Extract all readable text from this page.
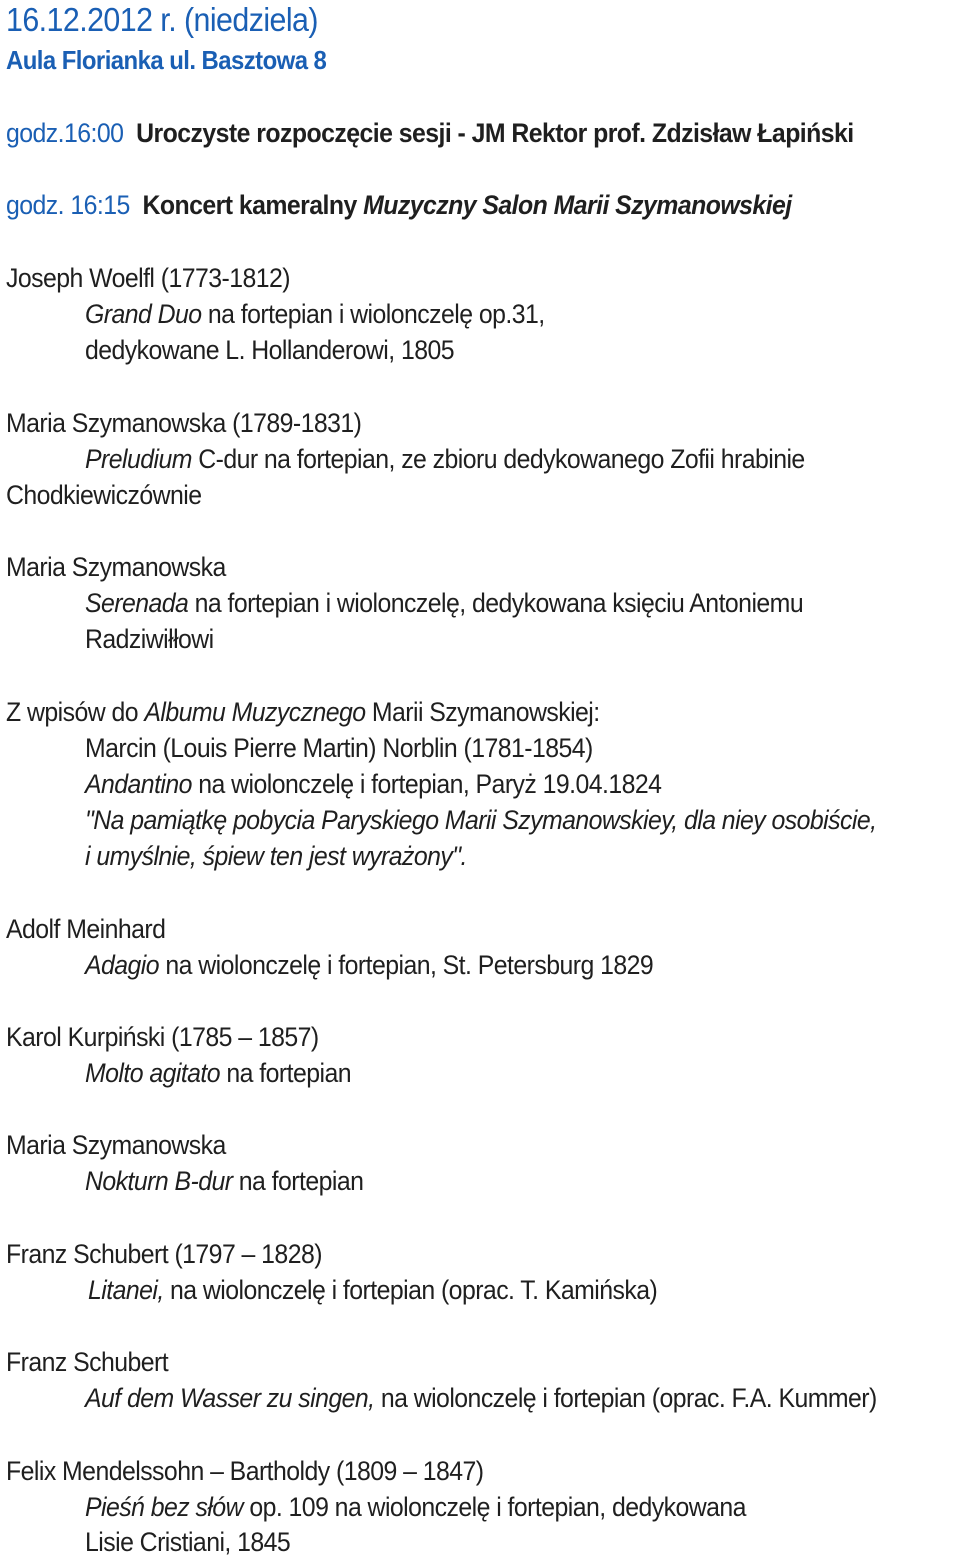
16.12.2012 r. (niedziela)
Aula Florianka ul. Basztowa 8
godz.16:00 Uroczyste rozpoczęcie sesji - JM Rektor prof. Zdzisław Łapiński
godz. 16:15 Koncert kameralny Muzyczny Salon Marii Szymanowskiej
Joseph Woelfl (1773-1812)
Grand Duo na fortepian i wiolonczelę op.31,
dedykowane L. Hollanderowi, 1805
Maria Szymanowska (1789-1831)
Preludium C-dur na fortepian, ze zbioru dedykowanego Zofii hrabinie
Chodkiewiczównie
Maria Szymanowska
Serenada na fortepian i wiolonczelę, dedykowana księciu Antoniemu
Radziwiłłowi
Z wpisów do Albumu Muzycznego Marii Szymanowskiej:
Marcin (Louis Pierre Martin) Norblin (1781-1854)
Andantino na wiolonczelę i fortepian, Paryż 19.04.1824
"Na pamiątkę pobycia Paryskiego Marii Szymanowskiey, dla niey osobiście,
i umyślnie, śpiew ten jest wyrażony".
Adolf Meinhard
Adagio na wiolonczelę i fortepian, St. Petersburg 1829
Karol Kurpiński (1785 – 1857)
Molto agitato na fortepian
Maria Szymanowska
Nokturn B-dur na fortepian
Franz Schubert (1797 – 1828)
Litanei, na wiolonczelę i fortepian (oprac. T. Kamińska)
Franz Schubert
Auf dem Wasser zu singen, na wiolonczelę i fortepian (oprac. F.A. Kummer)
Felix Mendelssohn – Bartholdy (1809 – 1847)
Pieśń bez słów op. 109 na wiolonczelę i fortepian, dedykowana
Lisie Cristiani, 1845
